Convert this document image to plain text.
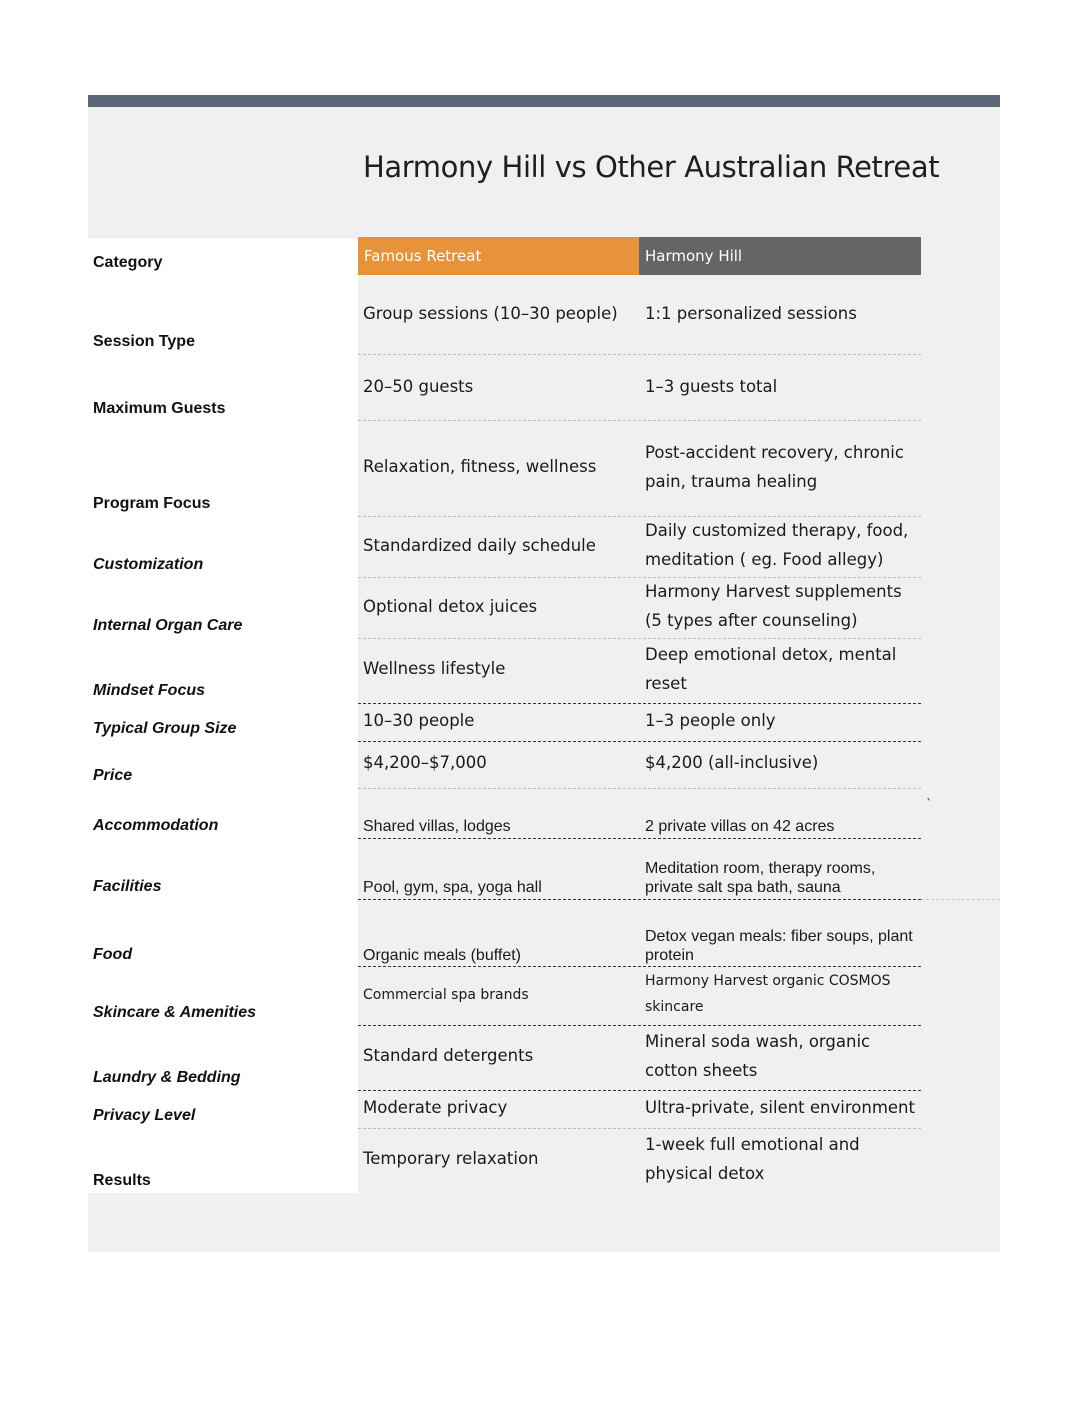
Harmony Hill vs Other Australian Retreat
Category	Famous Retreat	Harmony Hill
Session Type
Maximum Guests
Program Focus
Customization
Internal Organ Care
Mindset Focus
Typical Group Size
Price
Accommodation
Facilities
Food
Skincare & Amenities
Laundry & Bedding
Privacy Level
Results
Group sessions (10–30 people)
20–50 guests
Relaxation, fitness, wellness
Standardized daily schedule
Optional detox juices
Wellness lifestyle
10–30 people
$4,200–$7,000
Shared villas, lodges
Pool, gym, spa, yoga hall
Organic meals (buffet)
Commercial spa brands
Standard detergents
Moderate privacy
Temporary relaxation
1:1 personalized sessions
1–3 guests total
Post-accident recovery, chronic pain, trauma healing
Daily customized therapy, food, meditation ( eg. Food allegy)
Harmony Harvest supplements (5 types after counseling)
Deep emotional detox, mental reset
1–3 people only
$4,200 (all-inclusive)
2 private villas on 42 acres
Meditation room, therapy rooms, private salt spa bath, sauna
Detox vegan meals: fiber soups, plant protein
Harmony Harvest organic COSMOS skincare
Mineral soda wash, organic cotton sheets
Ultra-private, silent environment
1-week full emotional and physical detox
`
